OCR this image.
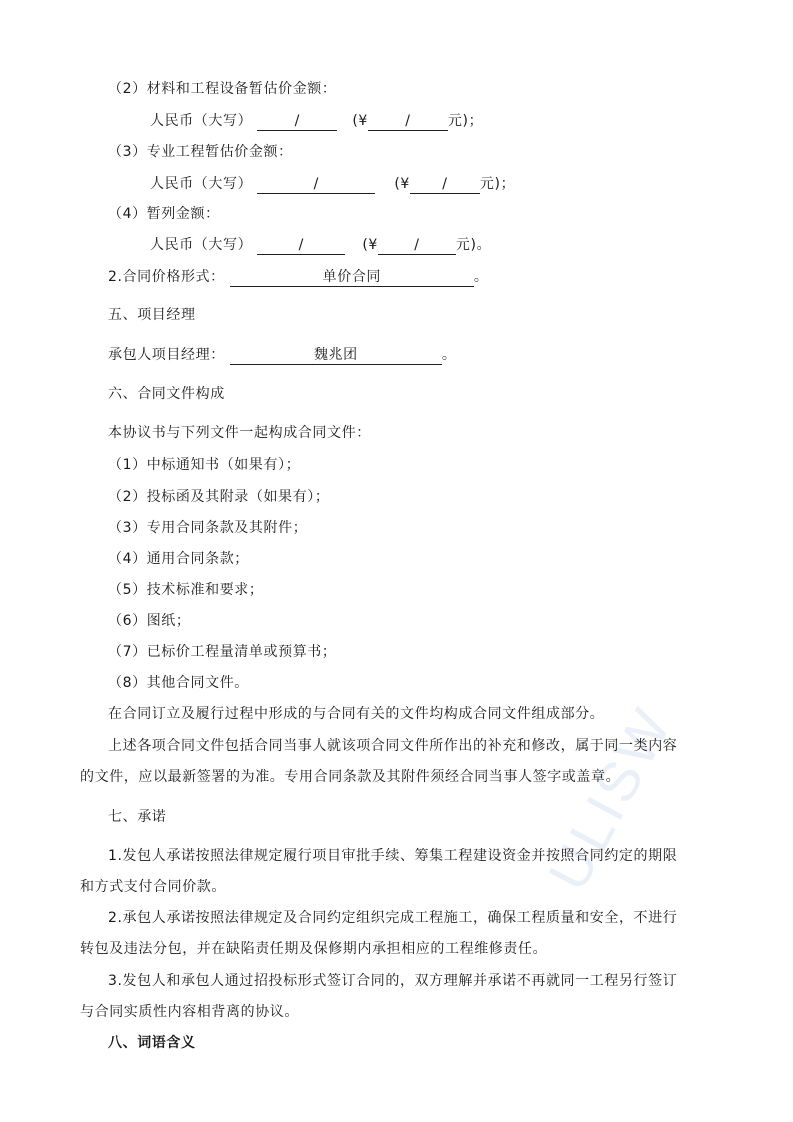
ULISW
（2）材料和工程设备暂估价金额：
人民币（大写）	/	(¥	/	元)；
（3）专业工程暂估价金额：
人民币（大写）	/	(¥ / 元)；
（4）暂列金额：
人民币（大写）	/	(¥	/	元)。
2.合同价格形式：	单价合同	。
五、项目经理
承包人项目经理：	魏兆团	。
六、合同文件构成
本协议书与下列文件一起构成合同文件：
（1）中标通知书（如果有）；
（2）投标函及其附录（如果有）；
（3）专用合同条款及其附件；
（4）通用合同条款；
（5）技术标准和要求；
（6）图纸；
（7）已标价工程量清单或预算书；
（8）其他合同文件。
在合同订立及履行过程中形成的与合同有关的文件均构成合同文件组成部分。
上述各项合同文件包括合同当事人就该项合同文件所作出的补充和修改，属于同一类内容
的文件，应以最新签署的为准。专用合同条款及其附件须经合同当事人签字或盖章。
七、承诺
1.发包人承诺按照法律规定履行项目审批手续、筹集工程建设资金并按照合同约定的期限
和方式支付合同价款。
2.承包人承诺按照法律规定及合同约定组织完成工程施工，确保工程质量和安全，不进行
转包及违法分包，并在缺陷责任期及保修期内承担相应的工程维修责任。
3.发包人和承包人通过招投标形式签订合同的，双方理解并承诺不再就同一工程另行签订
与合同实质性内容相背离的协议。
八、词语含义
